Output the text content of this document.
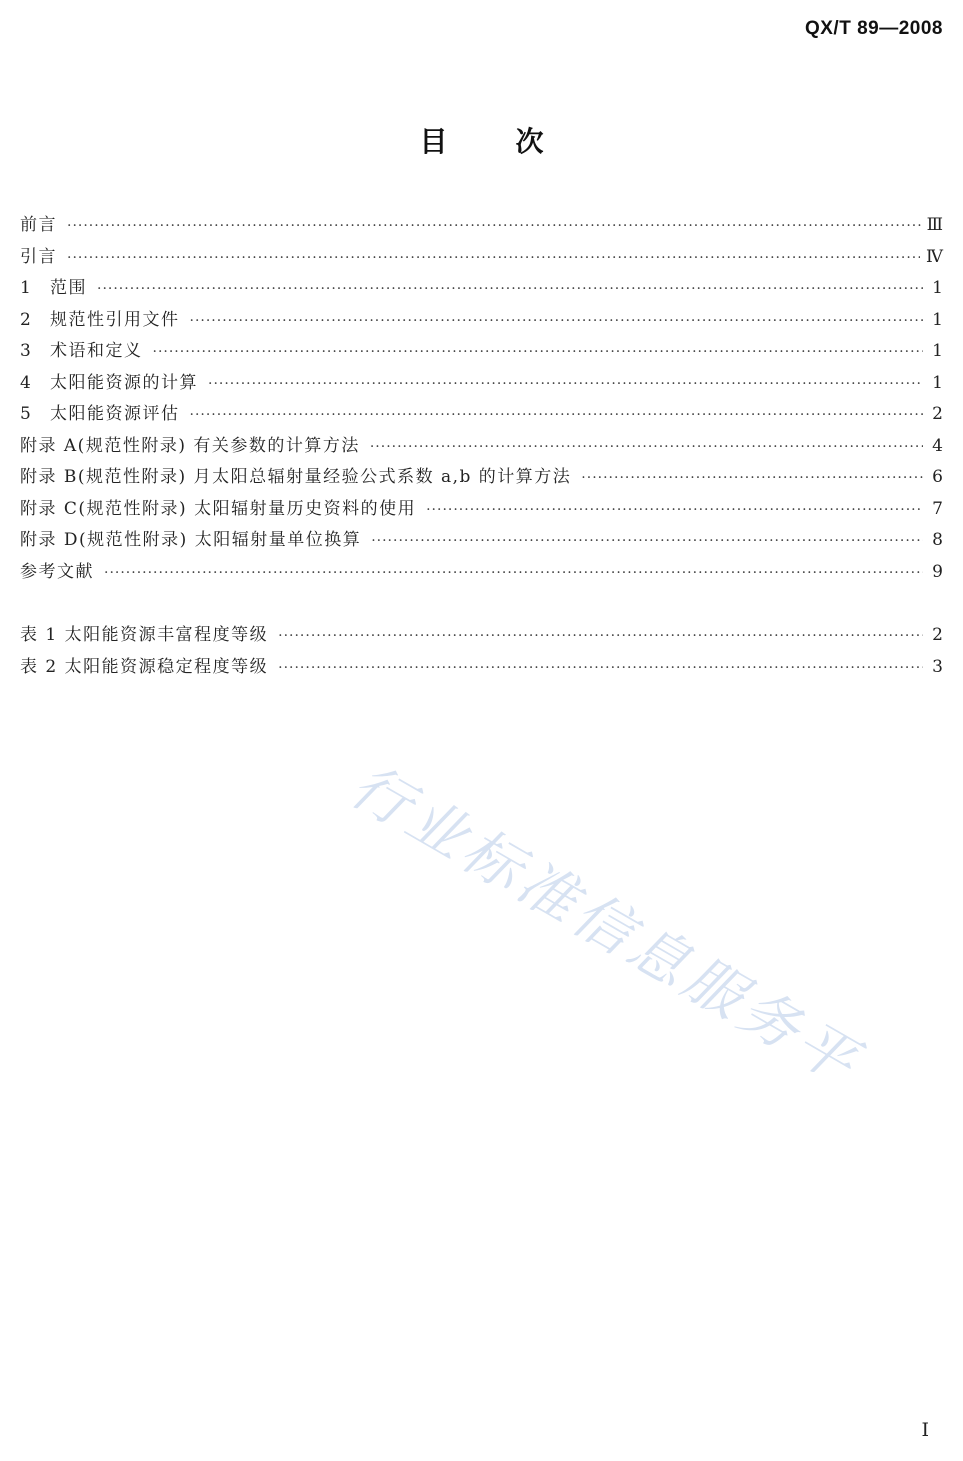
QX/T 89—2008
目 次
前言 ·····	Ⅲ
引言 ·····	Ⅳ
1 范围 ·····	1
2 规范性引用文件 ·····	1
3 术语和定义 ·····	1
4 太阳能资源的计算 ·····	1
5 太阳能资源评估 ·····	2
附录 A(规范性附录) 有关参数的计算方法 ·····	4
附录 B(规范性附录) 月太阳总辐射量经验公式系数 a,b 的计算方法 ·····	6
附录 C(规范性附录) 太阳辐射量历史资料的使用 ·····	7
附录 D(规范性附录) 太阳辐射量单位换算 ·····	8
参考文献 ·····	9
表 1 太阳能资源丰富程度等级 ·····	2
表 2 太阳能资源稳定程度等级 ·····	3
行业标准信息服务平
Ⅰ
